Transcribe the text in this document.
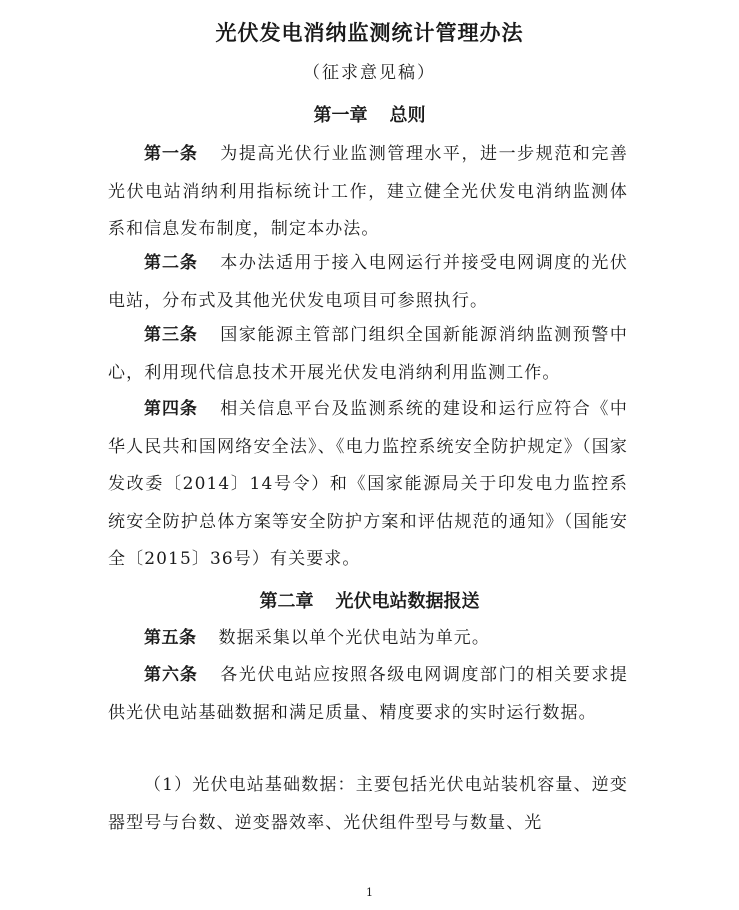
光伏发电消纳监测统计管理办法
（征求意见稿）
第一章 总则
第一条 为提高光伏行业监测管理水平，进一步规范和完善光伏电站消纳利用指标统计工作，建立健全光伏发电消纳监测体系和信息发布制度，制定本办法。
第二条 本办法适用于接入电网运行并接受电网调度的光伏电站，分布式及其他光伏发电项目可参照执行。
第三条 国家能源主管部门组织全国新能源消纳监测预警中心，利用现代信息技术开展光伏发电消纳利用监测工作。
第四条 相关信息平台及监测系统的建设和运行应符合《中华人民共和国网络安全法》、《电力监控系统安全防护规定》（国家发改委〔2014〕14号令）和《国家能源局关于印发电力监控系统安全防护总体方案等安全防护方案和评估规范的通知》（国能安全〔2015〕36号）有关要求。
第二章 光伏电站数据报送
第五条 数据采集以单个光伏电站为单元。
第六条 各光伏电站应按照各级电网调度部门的相关要求提供光伏电站基础数据和满足质量、精度要求的实时运行数据。
（1）光伏电站基础数据：主要包括光伏电站装机容量、逆变器型号与台数、逆变器效率、光伏组件型号与数量、光
1
